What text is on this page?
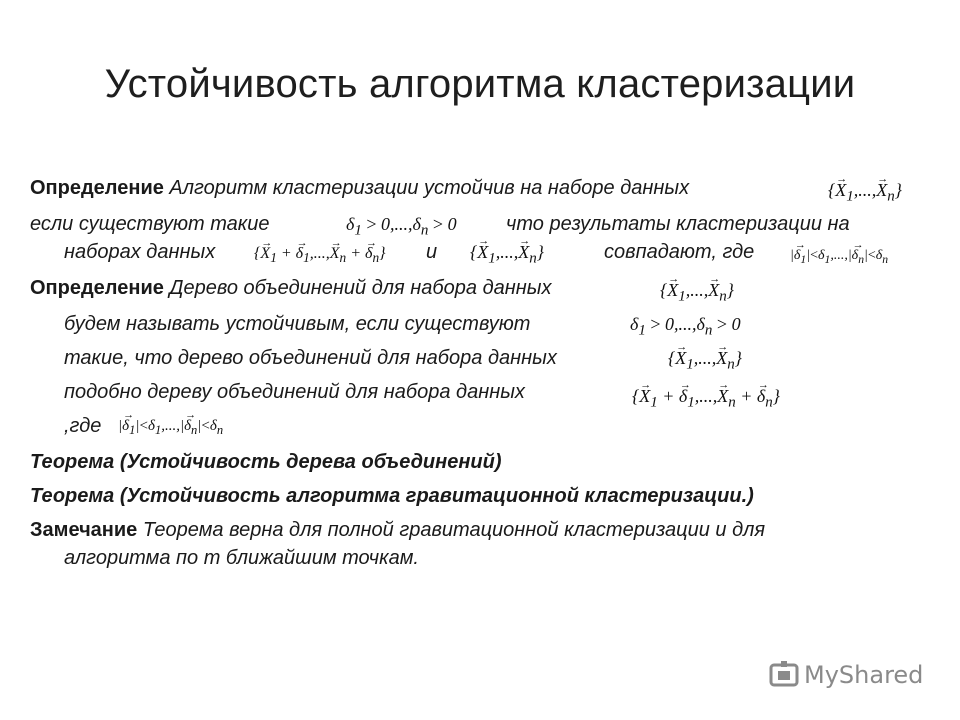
Устойчивость алгоритма кластеризации
Определение Алгоритм кластеризации устойчив на наборе данных	{→ $X_1,...,\to X_n$}
если существуют такие	$\delta_1 > 0,...,\delta_n > 0$ что результаты кластеризации на
наборах данных {→ $X_1$ + → $\delta_1,...,\to X_n$ + → $\delta_n$} и {→ $X_1,...,\to X_n$}	совпадают, где	|→ $\delta_1|<\delta_1,...,|\to \delta_n|<\delta_n$
Определение Дерево объединений для набора данных	{→ $X_1,...,\to X_n$}
будем называть устойчивым, если существуют	$\delta_1 > 0,...,\delta_n > 0$
такие, что дерево объединений для набора данных	{→ $X_1,...,\to X_n$}
подобно дереву объединений для набора данных	{→ $X_1$ + → $\delta_1,...,\to X_n$ + → $\delta_n$}
,где |→ $\delta_1|<\delta_1,...,|\to \delta_n|<\delta_n$
Теорема (Устойчивость дерева объединений)
Теорема (Устойчивость алгоритма гравитационной кластеризации.)
Замечание Теорема верна для полной гравитационной кластеризации и для
алгоритма по m ближайшим точкам.
MyShared
